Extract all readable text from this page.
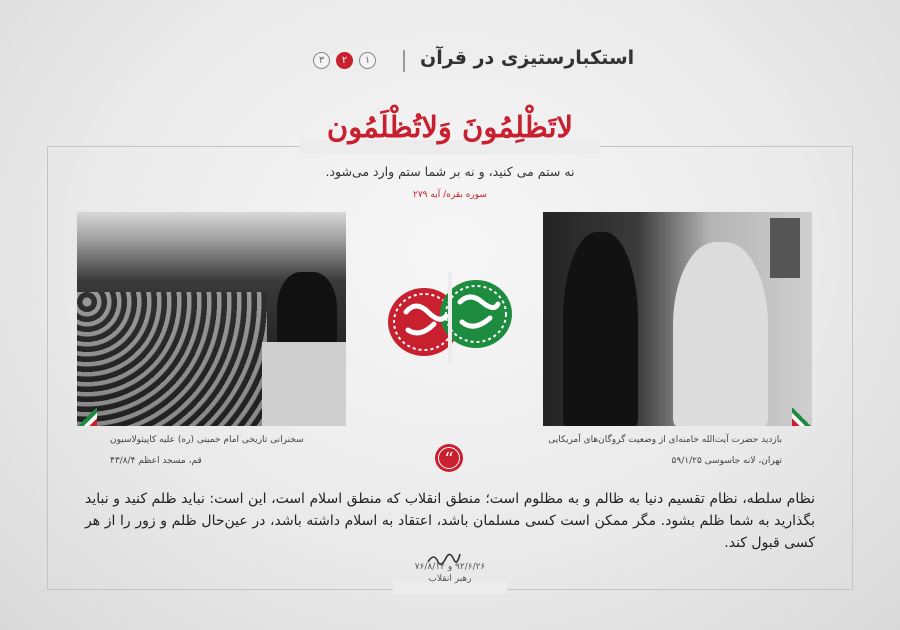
۳	۲	۱	استکبارستیزی در قرآن
لاتَظْلِمُونَ وَلاتُظْلَمُون
نه ستم می کنید، و نه بر شما ستم وارد می‌شود.
سوره بقره/ آیه ۲۷۹
سخنرانی تاریخی امام خمینی (ره) علیه کاپیتولاسیون
قم، مسجد اعظم ۴۳/۸/۴
بازدید حضرت آیت‌الله خامنه‌ای از وضعیت گروگان‌های آمریکایی
تهران، لانه جاسوسی ۵۹/۱/۲۵
“
نظام سلطه، نظام تقسیم دنیا به ظالم و به مظلوم است؛ منطق انقلاب که منطق اسلام است، این است: نباید ظلم کنید و نباید بگذارید به شما ظلم بشود. مگر ممکن است کسی مسلمان باشد، اعتقاد به اسلام داشته باشد، در عین‌حال ظلم و زور را از هر کسی قبول کند.
۹۲/۶/۲۶ و ۷۶/۸/۱۴
رهبر انقلاب
